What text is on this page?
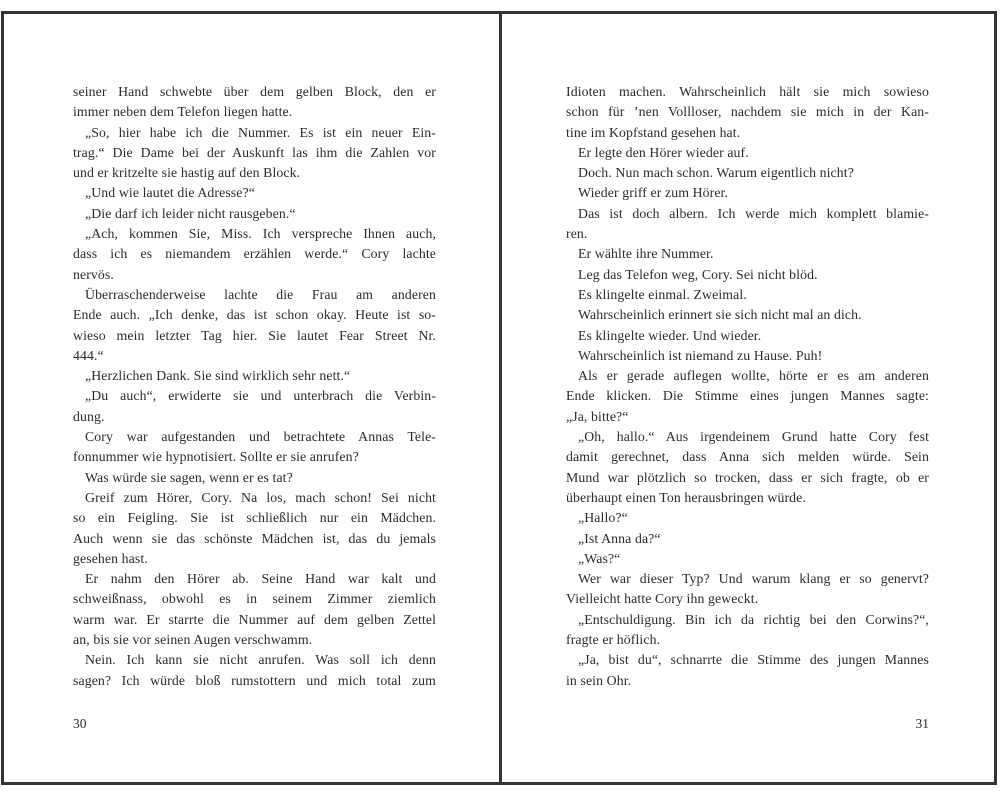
seiner Hand schwebte über dem gelben Block, den er
immer neben dem Telefon liegen hatte.
„So, hier habe ich die Nummer. Es ist ein neuer Ein-
trag.“ Die Dame bei der Auskunft las ihm die Zahlen vor
und er kritzelte sie hastig auf den Block.
„Und wie lautet die Adresse?“
„Die darf ich leider nicht rausgeben.“
„Ach, kommen Sie, Miss. Ich verspreche Ihnen auch,
dass ich es niemandem erzählen werde.“ Cory lachte
nervös.
Überraschenderweise lachte die Frau am anderen
Ende auch. „Ich denke, das ist schon okay. Heute ist so-
wieso mein letzter Tag hier. Sie lautet Fear Street Nr.
444.“
„Herzlichen Dank. Sie sind wirklich sehr nett.“
„Du auch“, erwiderte sie und unterbrach die Verbin-
dung.
Cory war aufgestanden und betrachtete Annas Tele-
fonnummer wie hypnotisiert. Sollte er sie anrufen?
Was würde sie sagen, wenn er es tat?
Greif zum Hörer, Cory. Na los, mach schon! Sei nicht
so ein Feigling. Sie ist schließlich nur ein Mädchen.
Auch wenn sie das schönste Mädchen ist, das du jemals
gesehen hast.
Er nahm den Hörer ab. Seine Hand war kalt und
schweißnass, obwohl es in seinem Zimmer ziemlich
warm war. Er starrte die Nummer auf dem gelben Zettel
an, bis sie vor seinen Augen verschwamm.
Nein. Ich kann sie nicht anrufen. Was soll ich denn
sagen? Ich würde bloß rumstottern und mich total zum
30
Idioten machen. Wahrscheinlich hält sie mich sowieso
schon für ’nen Vollloser, nachdem sie mich in der Kan-
tine im Kopfstand gesehen hat.
Er legte den Hörer wieder auf.
Doch. Nun mach schon. Warum eigentlich nicht?
Wieder griff er zum Hörer.
Das ist doch albern. Ich werde mich komplett blamie-
ren.
Er wählte ihre Nummer.
Leg das Telefon weg, Cory. Sei nicht blöd.
Es klingelte einmal. Zweimal.
Wahrscheinlich erinnert sie sich nicht mal an dich.
Es klingelte wieder. Und wieder.
Wahrscheinlich ist niemand zu Hause. Puh!
Als er gerade auflegen wollte, hörte er es am anderen
Ende klicken. Die Stimme eines jungen Mannes sagte:
„Ja, bitte?“
„Oh, hallo.“ Aus irgendeinem Grund hatte Cory fest
damit gerechnet, dass Anna sich melden würde. Sein
Mund war plötzlich so trocken, dass er sich fragte, ob er
überhaupt einen Ton herausbringen würde.
„Hallo?“
„Ist Anna da?“
„Was?“
Wer war dieser Typ? Und warum klang er so genervt?
Vielleicht hatte Cory ihn geweckt.
„Entschuldigung. Bin ich da richtig bei den Corwins?“,
fragte er höflich.
„Ja, bist du“, schnarrte die Stimme des jungen Mannes
in sein Ohr.
31
